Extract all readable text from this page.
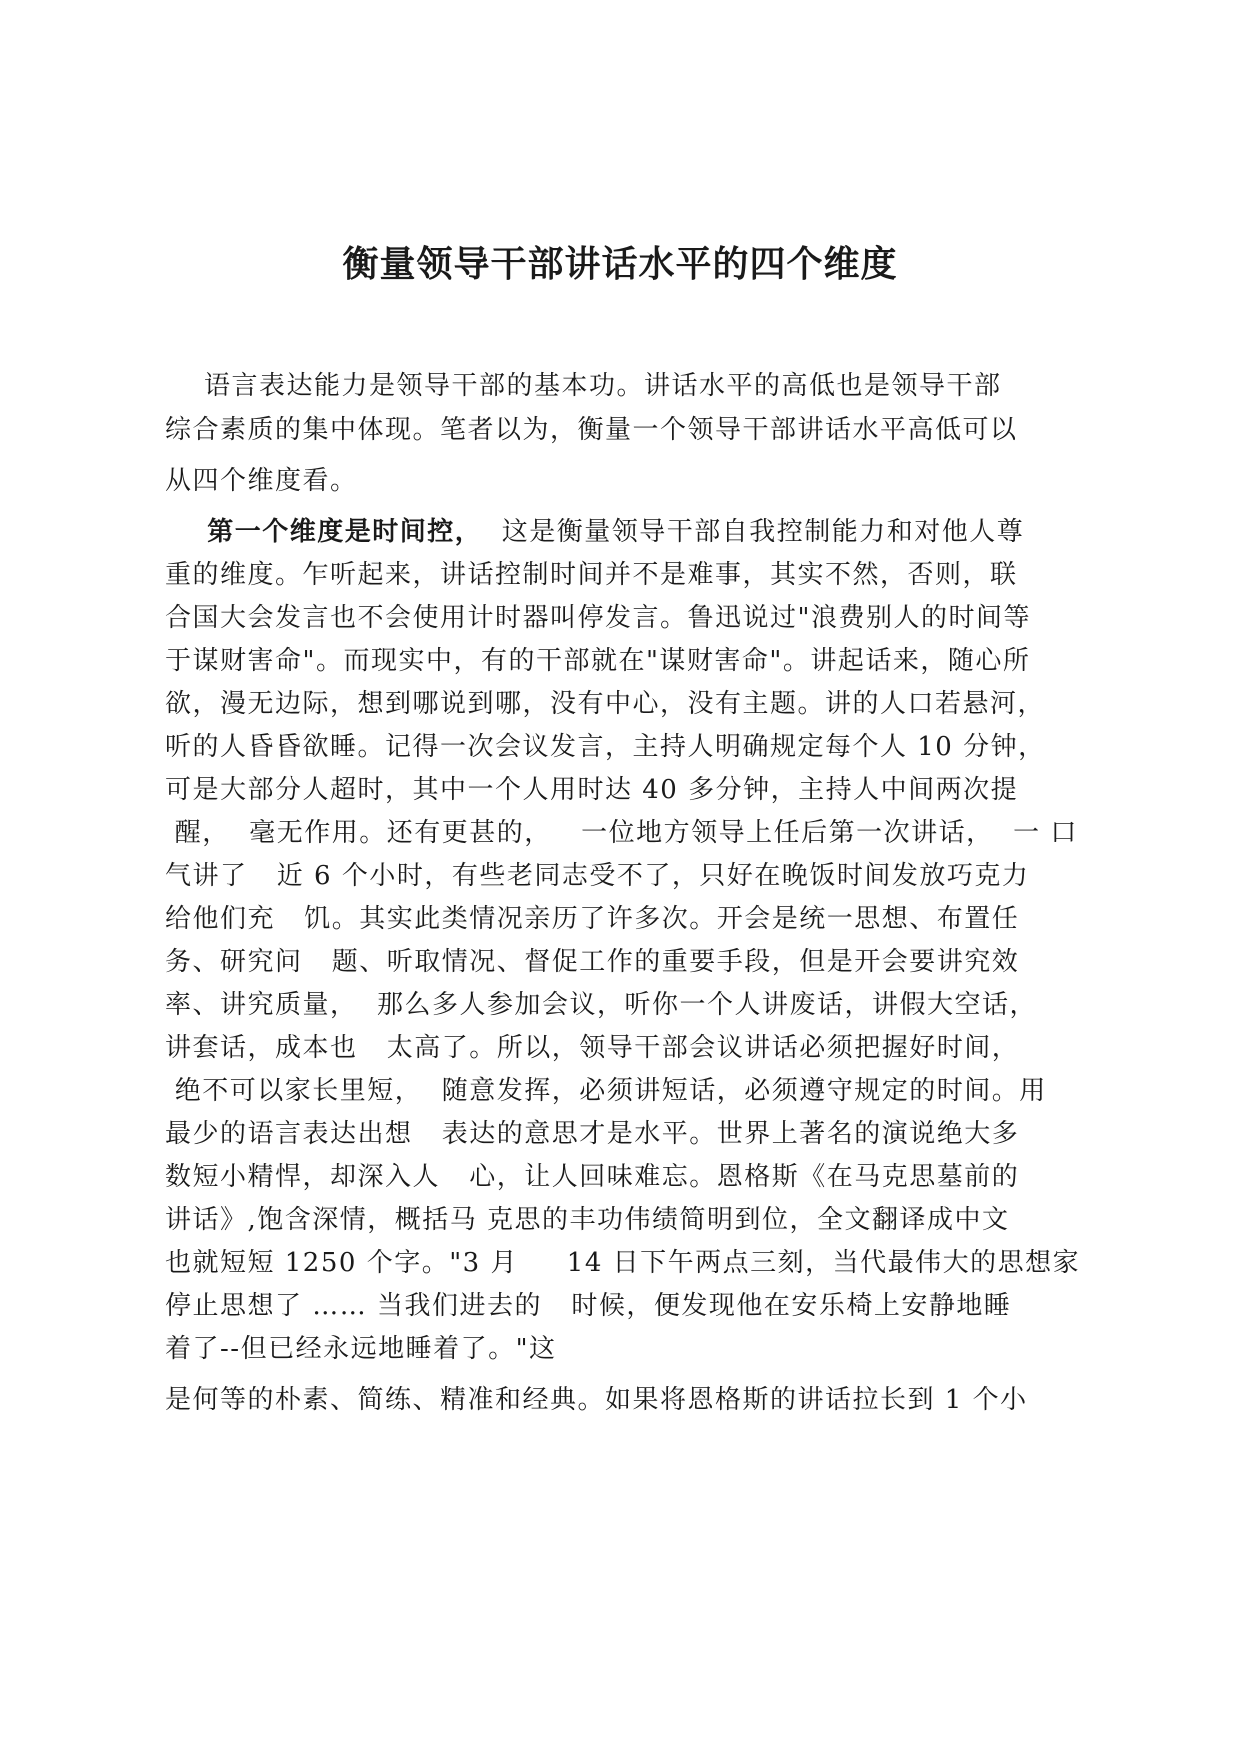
衡量领导干部讲话水平的四个维度
语言表达能力是领导干部的基本功。讲话水平的高低也是领导干部
综合素质的集中体现。笔者以为，衡量一个领导干部讲话水平高低可以
从四个维度看。
第一个维度是时间控，  这是衡量领导干部自我控制能力和对他人尊
重的维度。乍听起来，讲话控制时间并不是难事，其实不然，否则，联
合国大会发言也不会使用计时器叫停发言。鲁迅说过"浪费别人的时间等
于谋财害命"。而现实中，有的干部就在"谋财害命"。讲起话来，随心所
欲，漫无边际，想到哪说到哪，没有中心，没有主题。讲的人口若悬河，
听的人昏昏欲睡。记得一次会议发言，主持人明确规定每个人 10 分钟，
可是大部分人超时，其中一个人用时达 40 多分钟，主持人中间两次提
醒，  毫无作用。还有更甚的，   一位地方领导上任后第一次讲话，  一 口
气讲了   近 6 个小时，有些老同志受不了，只好在晚饭时间发放巧克力
给他们充   饥。其实此类情况亲历了许多次。开会是统一思想、布置任
务、研究问   题、听取情况、督促工作的重要手段，但是开会要讲究效
率、讲究质量，  那么多人参加会议，听你一个人讲废话，讲假大空话，
讲套话，成本也   太高了。所以，领导干部会议讲话必须把握好时间，
绝不可以家长里短，  随意发挥，必须讲短话，必须遵守规定的时间。用
最少的语言表达出想   表达的意思才是水平。世界上著名的演说绝大多
数短小精悍，却深入人   心，让人回味难忘。恩格斯《在马克思墓前的
讲话》,饱含深情，概括马 克思的丰功伟绩简明到位，全文翻译成中文
也就短短 1250 个字。"3 月     14 日下午两点三刻，当代最伟大的思想家
停止思想了 …… 当我们进去的   时候，便发现他在安乐椅上安静地睡
着了--但已经永远地睡着了。"这
是何等的朴素、简练、精准和经典。如果将恩格斯的讲话拉长到 1 个小
